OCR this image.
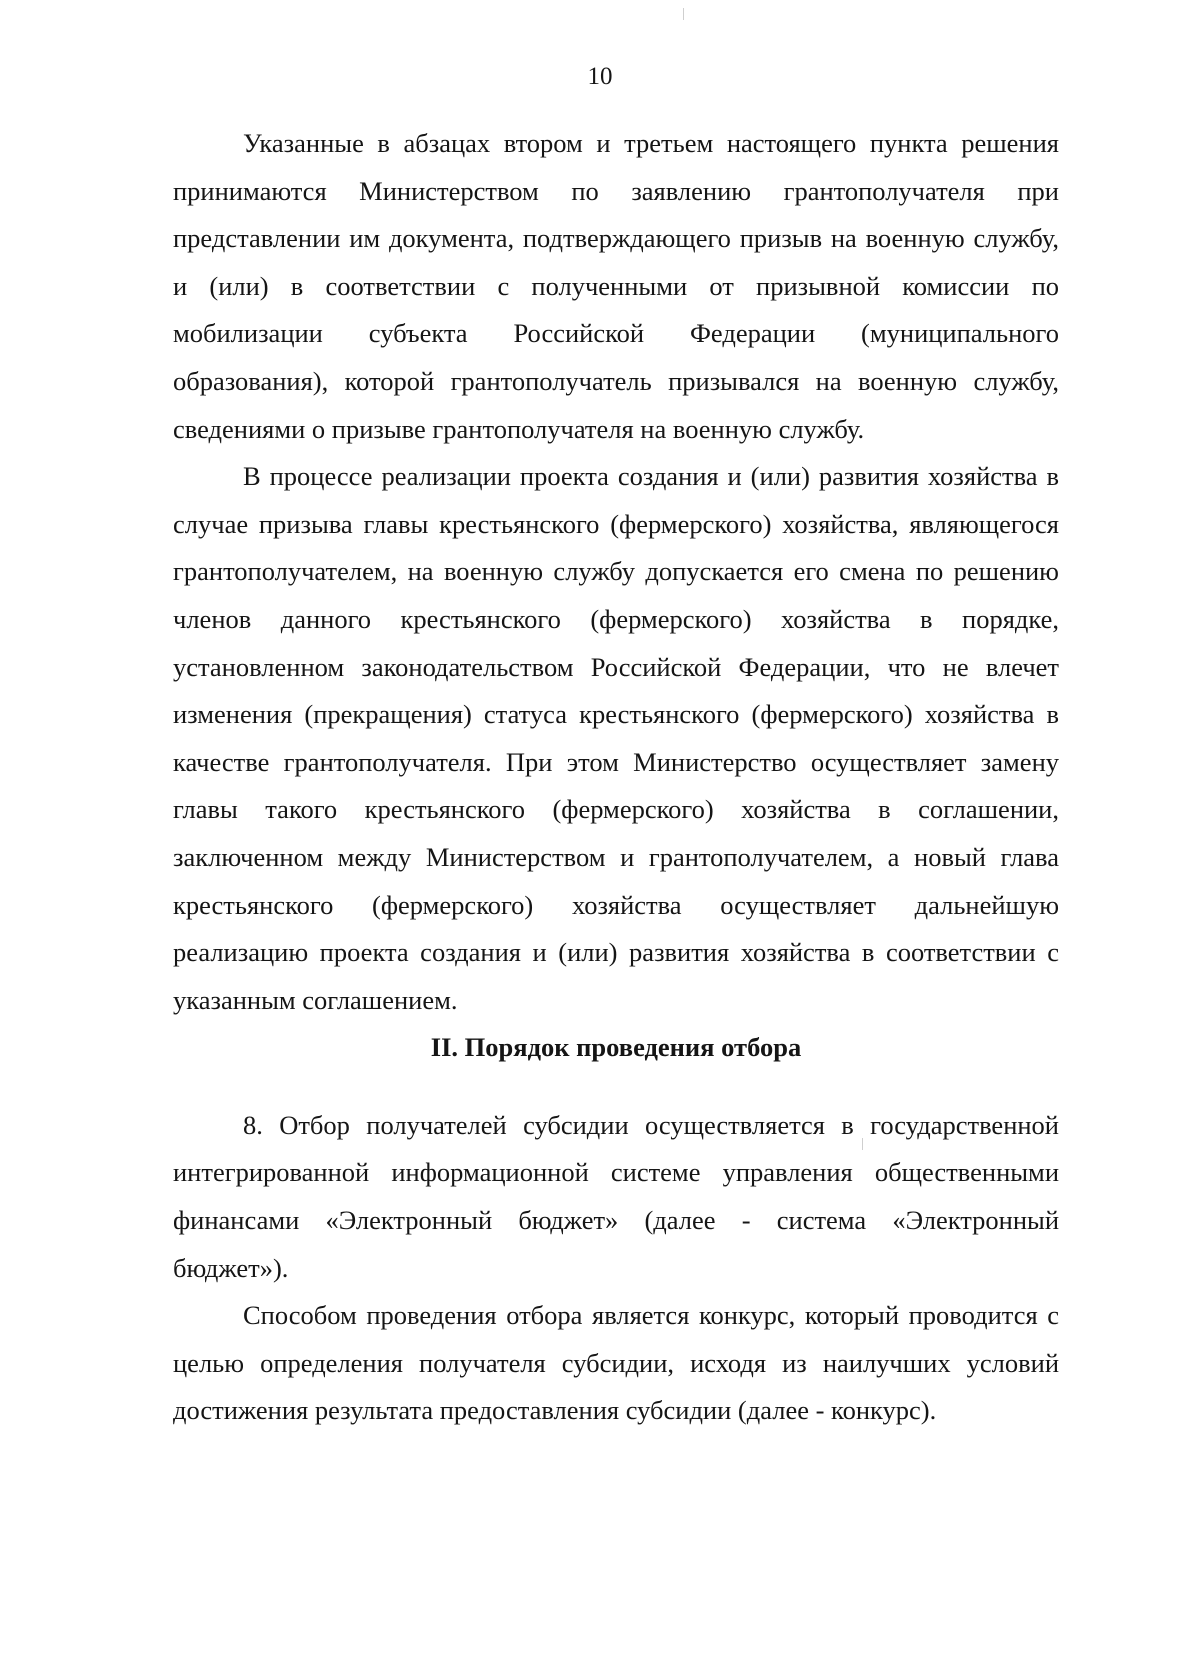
10

Указанные в абзацах втором и третьем настоящего пункта решения принимаются Министерством по заявлению грантополучателя при представлении им документа, подтверждающего призыв на военную службу, и (или) в соответствии с полученными от призывной комиссии по мобилизации субъекта Российской Федерации (муниципального образования), которой грантополучатель призывался на военную службу, сведениями о призыве грантополучателя на военную службу.

В процессе реализации проекта создания и (или) развития хозяйства в случае призыва главы крестьянского (фермерского) хозяйства, являющегося грантополучателем, на военную службу допускается его смена по решению членов данного крестьянского (фермерского) хозяйства в порядке, установленном законодательством Российской Федерации, что не влечет изменения (прекращения) статуса крестьянского (фермерского) хозяйства в качестве грантополучателя. При этом Министерство осуществляет замену главы такого крестьянского (фермерского) хозяйства в соглашении, заключенном между Министерством и грантополучателем, а новый глава крестьянского (фермерского) хозяйства осуществляет дальнейшую реализацию проекта создания и (или) развития хозяйства в соответствии с указанным соглашением.

II. Порядок проведения отбора

8. Отбор получателей субсидии осуществляется в государственной интегрированной информационной системе управления общественными финансами «Электронный бюджет» (далее - система «Электронный бюджет»).

Способом проведения отбора является конкурс, который проводится с целью определения получателя субсидии, исходя из наилучших условий достижения результата предоставления субсидии (далее - конкурс).
